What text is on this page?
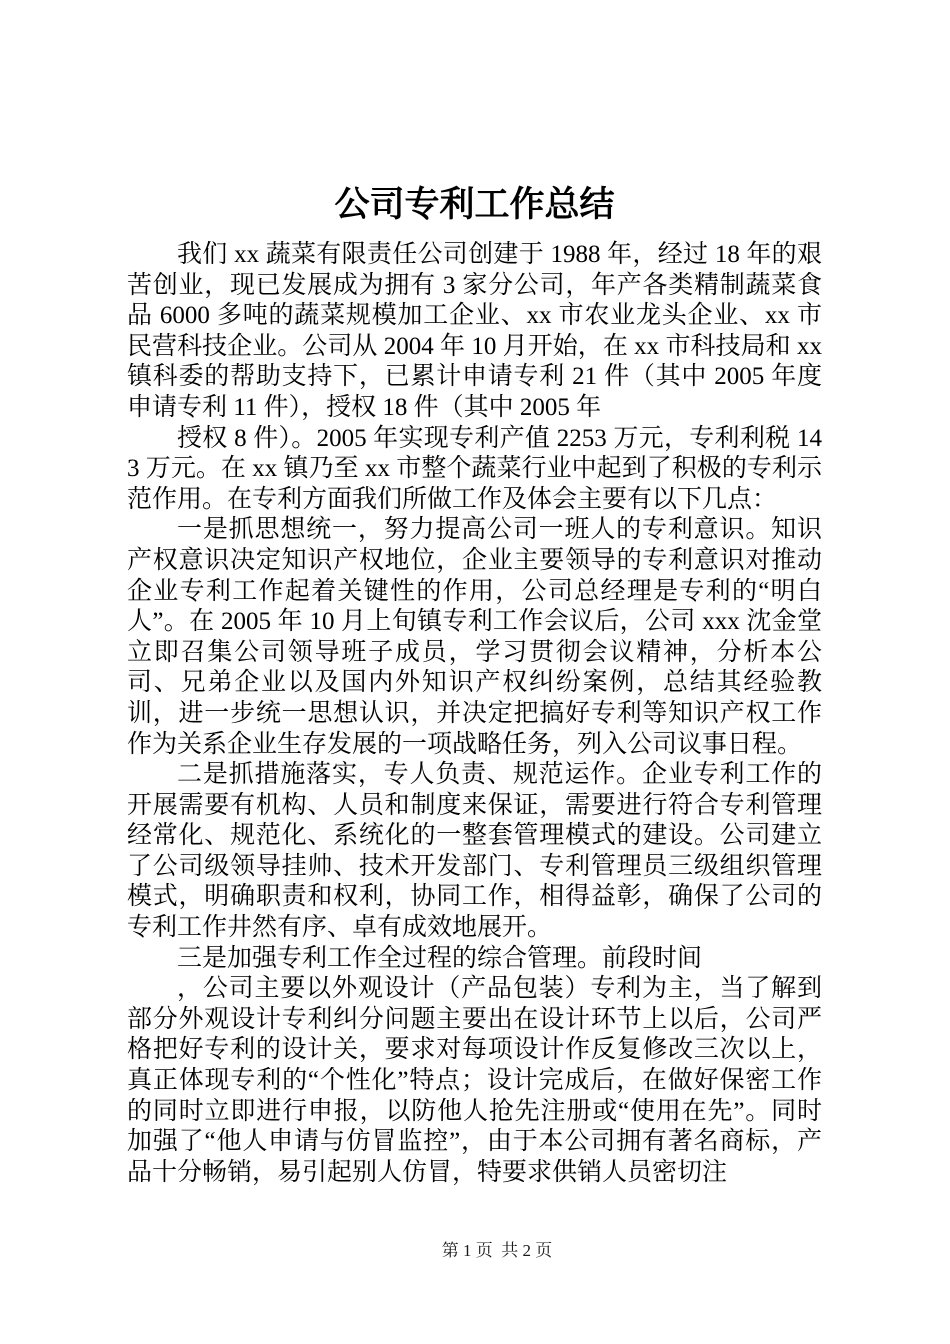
公司专利工作总结

我们 xx 蔬菜有限责任公司创建于 1988 年，经过 18 年的艰苦创业，现已发展成为拥有 3 家分公司，年产各类精制蔬菜食品 6000 多吨的蔬菜规模加工企业、xx 市农业龙头企业、xx 市民营科技企业。公司从 2004 年 10 月开始，在 xx 市科技局和 xx 镇科委的帮助支持下，已累计申请专利 21 件（其中 2005 年度申请专利 11 件），授权 18 件（其中 2005 年

授权 8 件）。2005 年实现专利产值 2253 万元，专利利税 143 万元。在 xx 镇乃至 xx 市整个蔬菜行业中起到了积极的专利示范作用。在专利方面我们所做工作及体会主要有以下几点：

一是抓思想统一，努力提高公司一班人的专利意识。知识产权意识决定知识产权地位，企业主要领导的专利意识对推动企业专利工作起着关键性的作用，公司总经理是专利的“明白人”。在 2005 年 10 月上旬镇专利工作会议后，公司 xxx 沈金堂立即召集公司领导班子成员，学习贯彻会议精神，分析本公司、兄弟企业以及国内外知识产权纠纷案例，总结其经验教训，进一步统一思想认识，并决定把搞好专利等知识产权工作作为关系企业生存发展的一项战略任务，列入公司议事日程。

二是抓措施落实，专人负责、规范运作。企业专利工作的开展需要有机构、人员和制度来保证，需要进行符合专利管理经常化、规范化、系统化的一整套管理模式的建设。公司建立了公司级领导挂帅、技术开发部门、专利管理员三级组织管理模式，明确职责和权利，协同工作，相得益彰，确保了公司的专利工作井然有序、卓有成效地展开。

三是加强专利工作全过程的综合管理。前段时间

，公司主要以外观设计（产品包装）专利为主，当了解到部分外观设计专利纠分问题主要出在设计环节上以后，公司严格把好专利的设计关，要求对每项设计作反复修改三次以上，真正体现专利的“个性化”特点；设计完成后，在做好保密工作的同时立即进行申报，以防他人抢先注册或“使用在先”。同时加强了“他人申请与仿冒监控”，由于本公司拥有著名商标，产品十分畅销，易引起别人仿冒，特要求供销人员密切注

第 1 页  共 2 页
